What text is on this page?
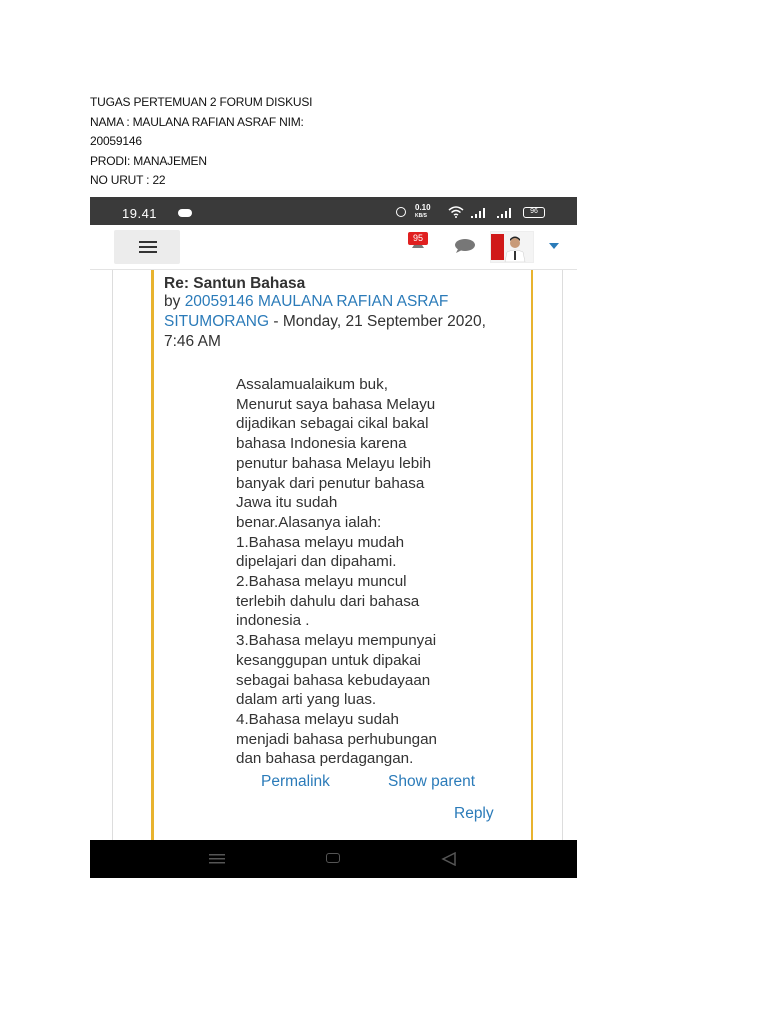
TUGAS PERTEMUAN 2 FORUM DISKUSI
NAMA : MAULANA RAFIAN ASRAF NIM:
20059146
PRODI: MANAJEMEN
NO URUT : 22
19.41	0.10
KB/S
96
95
Re: Santun Bahasa
by 20059146 MAULANA RAFIAN ASRAF SITUMORANG - Monday, 21 September 2020, 7:46 AM
Assalamualaikum buk,
Menurut saya bahasa Melayu
dijadikan sebagai cikal bakal
bahasa Indonesia karena
penutur bahasa Melayu lebih
banyak dari penutur bahasa
Jawa itu sudah
benar.Alasanya ialah:
1.Bahasa melayu mudah
dipelajari dan dipahami.
2.Bahasa melayu muncul
terlebih dahulu dari bahasa
indonesia .
3.Bahasa melayu mempunyai
kesanggupan untuk dipakai
sebagai bahasa kebudayaan
dalam arti yang luas.
4.Bahasa melayu sudah
menjadi bahasa perhubungan
dan bahasa perdagangan.
Permalink	Show parent
Reply
